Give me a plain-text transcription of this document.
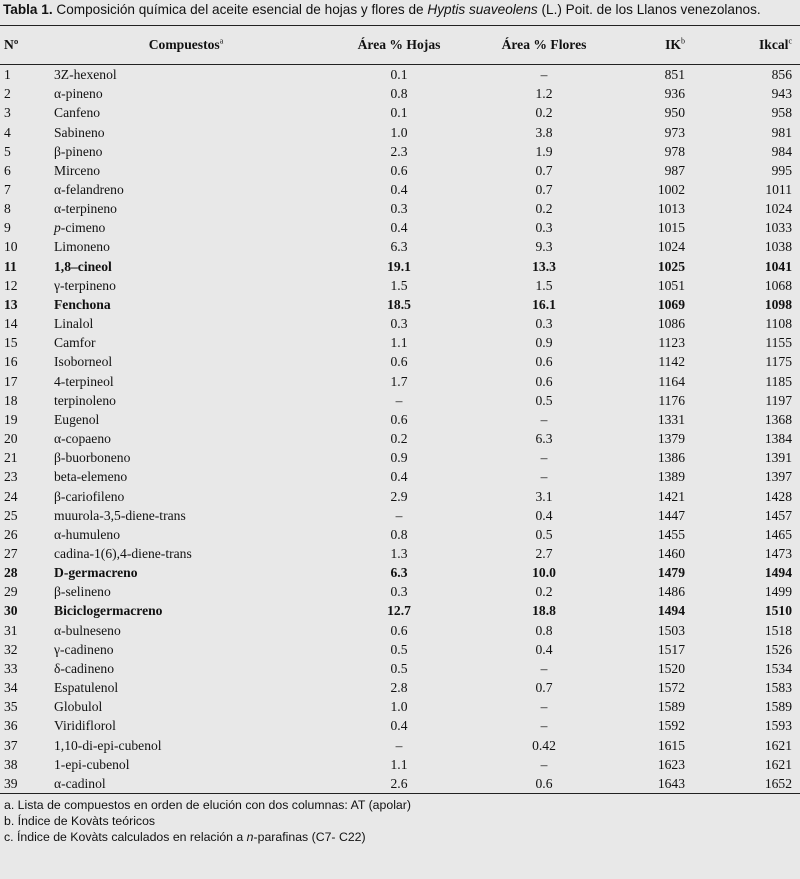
Tabla 1. Composición química del aceite esencial de hojas y flores de Hyptis suaveolens (L.) Poit. de los Llanos venezolanos.
Nº	Compuestos$^a$	Área % Hojas	Área % Flores	$IK^b$	Ikcal$^c$
1	3Z-hexenol	0.1	–	851	856
2	α-pineno	0.8	1.2	936	943
3	Canfeno	0.1	0.2	950	958
4	Sabineno	1.0	3.8	973	981
5	β-pineno	2.3	1.9	978	984
6	Mirceno	0.6	0.7	987	995
7	α-felandreno	0.4	0.7	1002	1011
8	α-terpineno	0.3	0.2	1013	1024
9	p-cimeno	0.4	0.3	1015	1033
10	Limoneno	6.3	9.3	1024	1038
11	1,8–cineol	19.1	13.3	1025	1041
12	γ-terpineno	1.5	1.5	1051	1068
13	Fenchona	18.5	16.1	1069	1098
14	Linalol	0.3	0.3	1086	1108
15	Camfor	1.1	0.9	1123	1155
16	Isoborneol	0.6	0.6	1142	1175
17	4-terpineol	1.7	0.6	1164	1185
18	terpinoleno	–	0.5	1176	1197
19	Eugenol	0.6	–	1331	1368
20	α-copaeno	0.2	6.3	1379	1384
21	β-buorboneno	0.9	–	1386	1391
23	beta-elemeno	0.4	–	1389	1397
24	β-cariofileno	2.9	3.1	1421	1428
25	muurola-3,5-diene-trans	–	0.4	1447	1457
26	α-humuleno	0.8	0.5	1455	1465
27	cadina-1(6),4-diene-trans	1.3	2.7	1460	1473
28	D-germacreno	6.3	10.0	1479	1494
29	β-selineno	0.3	0.2	1486	1499
30	Biciclogermacreno	12.7	18.8	1494	1510
31	α-bulneseno	0.6	0.8	1503	1518
32	γ-cadineno	0.5	0.4	1517	1526
33	δ-cadineno	0.5	–	1520	1534
34	Espatulenol	2.8	0.7	1572	1583
35	Globulol	1.0	–	1589	1589
36	Viridiflorol	0.4	–	1592	1593
37	1,10-di-epi-cubenol	–	0.42	1615	1621
38	1-epi-cubenol	1.1	–	1623	1621
39	α-cadinol	2.6	0.6	1643	1652
a. Lista de compuestos en orden de elución con dos columnas: AT (apolar)
b. Índice de Kovàts teóricos
c. Índice de Kovàts calculados en relación a n-parafinas (C7- C22)
